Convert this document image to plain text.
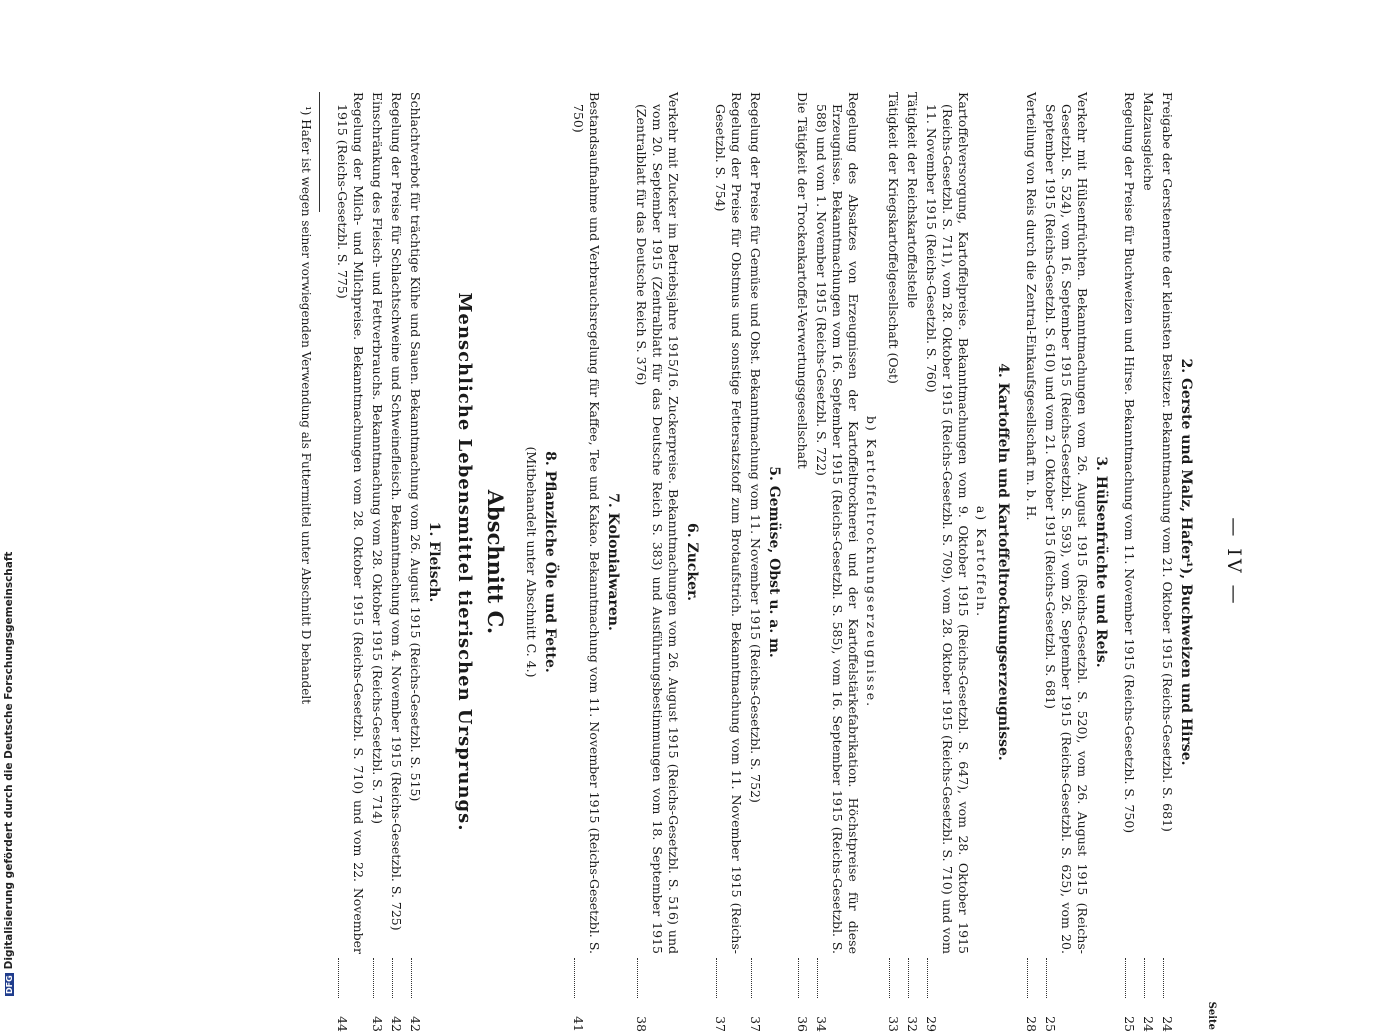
— IV —
Seite
2. Gerste und Malz, Hafer¹), Buchweizen und Hirse.
Freigabe der Gerstenernte der kleinsten Besitzer. Bekanntmachung vom 21. Oktober 1915 (Reichs-Gesetzbl. S. 681)
24
Malzausgleiche
24
Regelung der Preise für Buchweizen und Hirse. Bekanntmachung vom 11. November 1915 (Reichs-Gesetzbl. S. 750)
25
3. Hülsenfrüchte und Reis.
Verkehr mit Hülsenfrüchten. Bekanntmachungen vom 26. August 1915 (Reichs-Gesetzbl. S. 520), vom 26. August 1915 (Reichs-Gesetzbl. S. 524), vom 16. September 1915 (Reichs-Gesetzbl. S. 593), vom 26. September 1915 (Reichs-Gesetzbl. S. 625), vom 20. September 1915 (Reichs-Gesetzbl. S. 610) und vom 21. Oktober 1915 (Reichs-Gesetzbl. S. 681)
25
Verteilung von Reis durch die Zentral-Einkaufsgesellschaft m. b. H.
28
4. Kartoffeln und Kartoffeltrocknungserzeugnisse.
a) Kartoffeln.
Kartoffelversorgung, Kartoffelpreise. Bekanntmachungen vom 9. Oktober 1915 (Reichs-Gesetzbl. S. 647), vom 28. Oktober 1915 (Reichs-Gesetzbl. S. 711), vom 28. Oktober 1915 (Reichs-Gesetzbl. S. 709), vom 28. Oktober 1915 (Reichs-Gesetzbl. S. 710) und vom 11. November 1915 (Reichs-Gesetzbl. S. 760)
29
Tätigkeit der Reichskartoffelstelle
32
Tätigkeit der Kriegskartoffelgesellschaft (Ost)
33
b) Kartoffeltrocknungserzeugnisse.
Regelung des Absatzes von Erzeugnissen der Kartoffeltrocknerei und der Kartoffelstärkefabrikation. Höchstpreise für diese Erzeugnisse. Bekanntmachungen vom 16. September 1915 (Reichs-Gesetzbl. S. 585), vom 16. September 1915 (Reichs-Gesetzbl. S. 588) und vom 1. November 1915 (Reichs-Gesetzbl. S. 722)
34
Die Tätigkeit der Trockenkartoffel-Verwertungsgesellschaft
36
5. Gemüse, Obst u. a. m.
Regelung der Preise für Gemüse und Obst. Bekanntmachung vom 11. November 1915 (Reichs-Gesetzbl. S. 752)
37
Regelung der Preise für Obstmus und sonstige Fettersatzstoff zum Brotaufstrich. Bekanntmachung vom 11. November 1915 (Reichs-Gesetzbl. S. 754)
37
6. Zucker.
Verkehr mit Zucker im Betriebsjahre 1915/16. Zuckerpreise. Bekanntmachungen vom 26. August 1915 (Reichs-Gesetzbl. S. 516) und vom 20. September 1915 (Zentralblatt für das Deutsche Reich S. 383) und Ausführungsbestimmungen vom 18. September 1915 (Zentralblatt für das Deutsche Reich S. 376)
38
7. Kolonialwaren.
Bestandsaufnahme und Verbrauchsregelung für Kaffee, Tee und Kakao. Bekanntmachung vom 11. November 1915 (Reichs-Gesetzbl. S. 750)
41
8. Pflanzliche Öle und Fette.
(Mitbehandelt unter Abschnitt C. 4.)
Abschnitt C.
Menschliche Lebensmittel tierischen Ursprungs.
1. Fleisch.
Schlachtverbot für trächtige Kühe und Sauen. Bekanntmachung vom 26. August 1915 (Reichs-Gesetzbl. S. 515)
42
Regelung der Preise für Schlachtschweine und Schweinefleisch. Bekanntmachung vom 4. November 1915 (Reichs-Gesetzbl. S. 725)
42
Einschränkung des Fleisch- und Fettverbrauchs. Bekanntmachung vom 28. Oktober 1915 (Reichs-Gesetzbl. S. 714)
43
Regelung der Milch- und Milchpreise. Bekanntmachungen vom 28. Oktober 1915 (Reichs-Gesetzbl. S. 710) und vom 22. November 1915 (Reichs-Gesetzbl. S. 775)
44
¹) Hafer ist wegen seiner vorwiegenden Verwendung als Futtermittel unter Abschnitt D behandelt
DFG
Digitalisierung gefördert durch die Deutsche Forschungsgemeinschaft
